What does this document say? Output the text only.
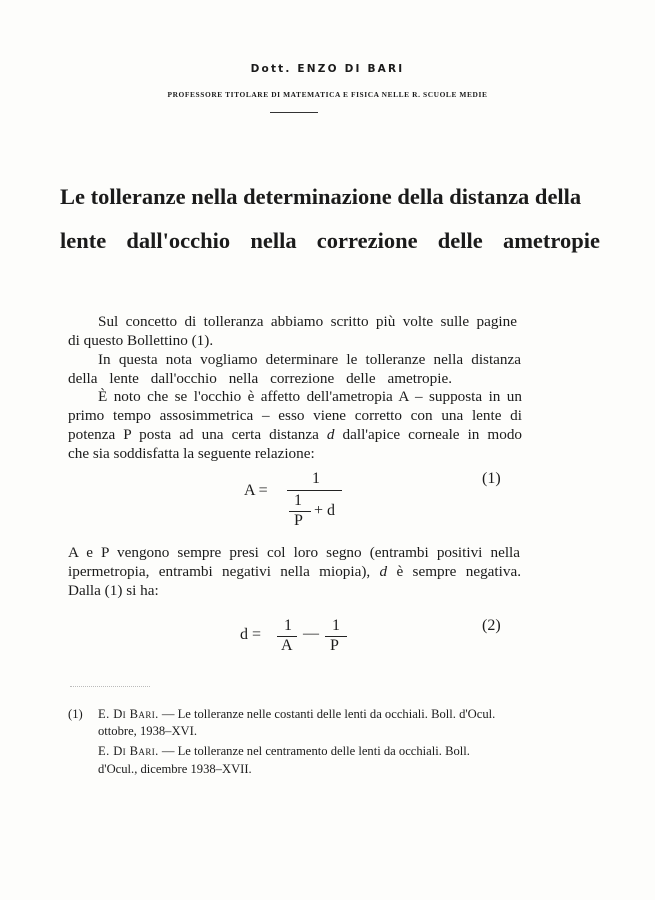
Dott. ENZO DI BARI
PROFESSORE TITOLARE DI MATEMATICA E FISICA NELLE R. SCUOLE MEDIE
Le tolleranze nella determinazione della distanza della
lente dall'occhio nella correzione delle ametropie
Sul concetto di tolleranza abbiamo scritto più volte sulle pagine
di questo Bollettino (1).
In questa nota vogliamo determinare le tolleranze nella distanza
della lente dall'occhio nella correzione delle ametropie.
È noto che se l'occhio è affetto dell'ametropia A – supposta in un
primo tempo assosimmetrica – esso viene corretto con una lente di
potenza P posta ad una certa distanza d dall'apice corneale in modo
che sia soddisfatta la seguente relazione:
A =
1
1
P
+ d
(1)
A e P vengono sempre presi col loro segno (entrambi positivi nella
ipermetropia, entrambi negativi nella miopia), d è sempre negativa.
Dalla (1) si ha:
d =
1
A
— 1
P
(2)
(1) E. Di Bari. — Le tolleranze nelle costanti delle lenti da occhiali. Boll. d'Ocul.
ottobre, 1938–XVI.
E. Di Bari. — Le tolleranze nel centramento delle lenti da occhiali. Boll.
d'Ocul., dicembre 1938–XVII.
